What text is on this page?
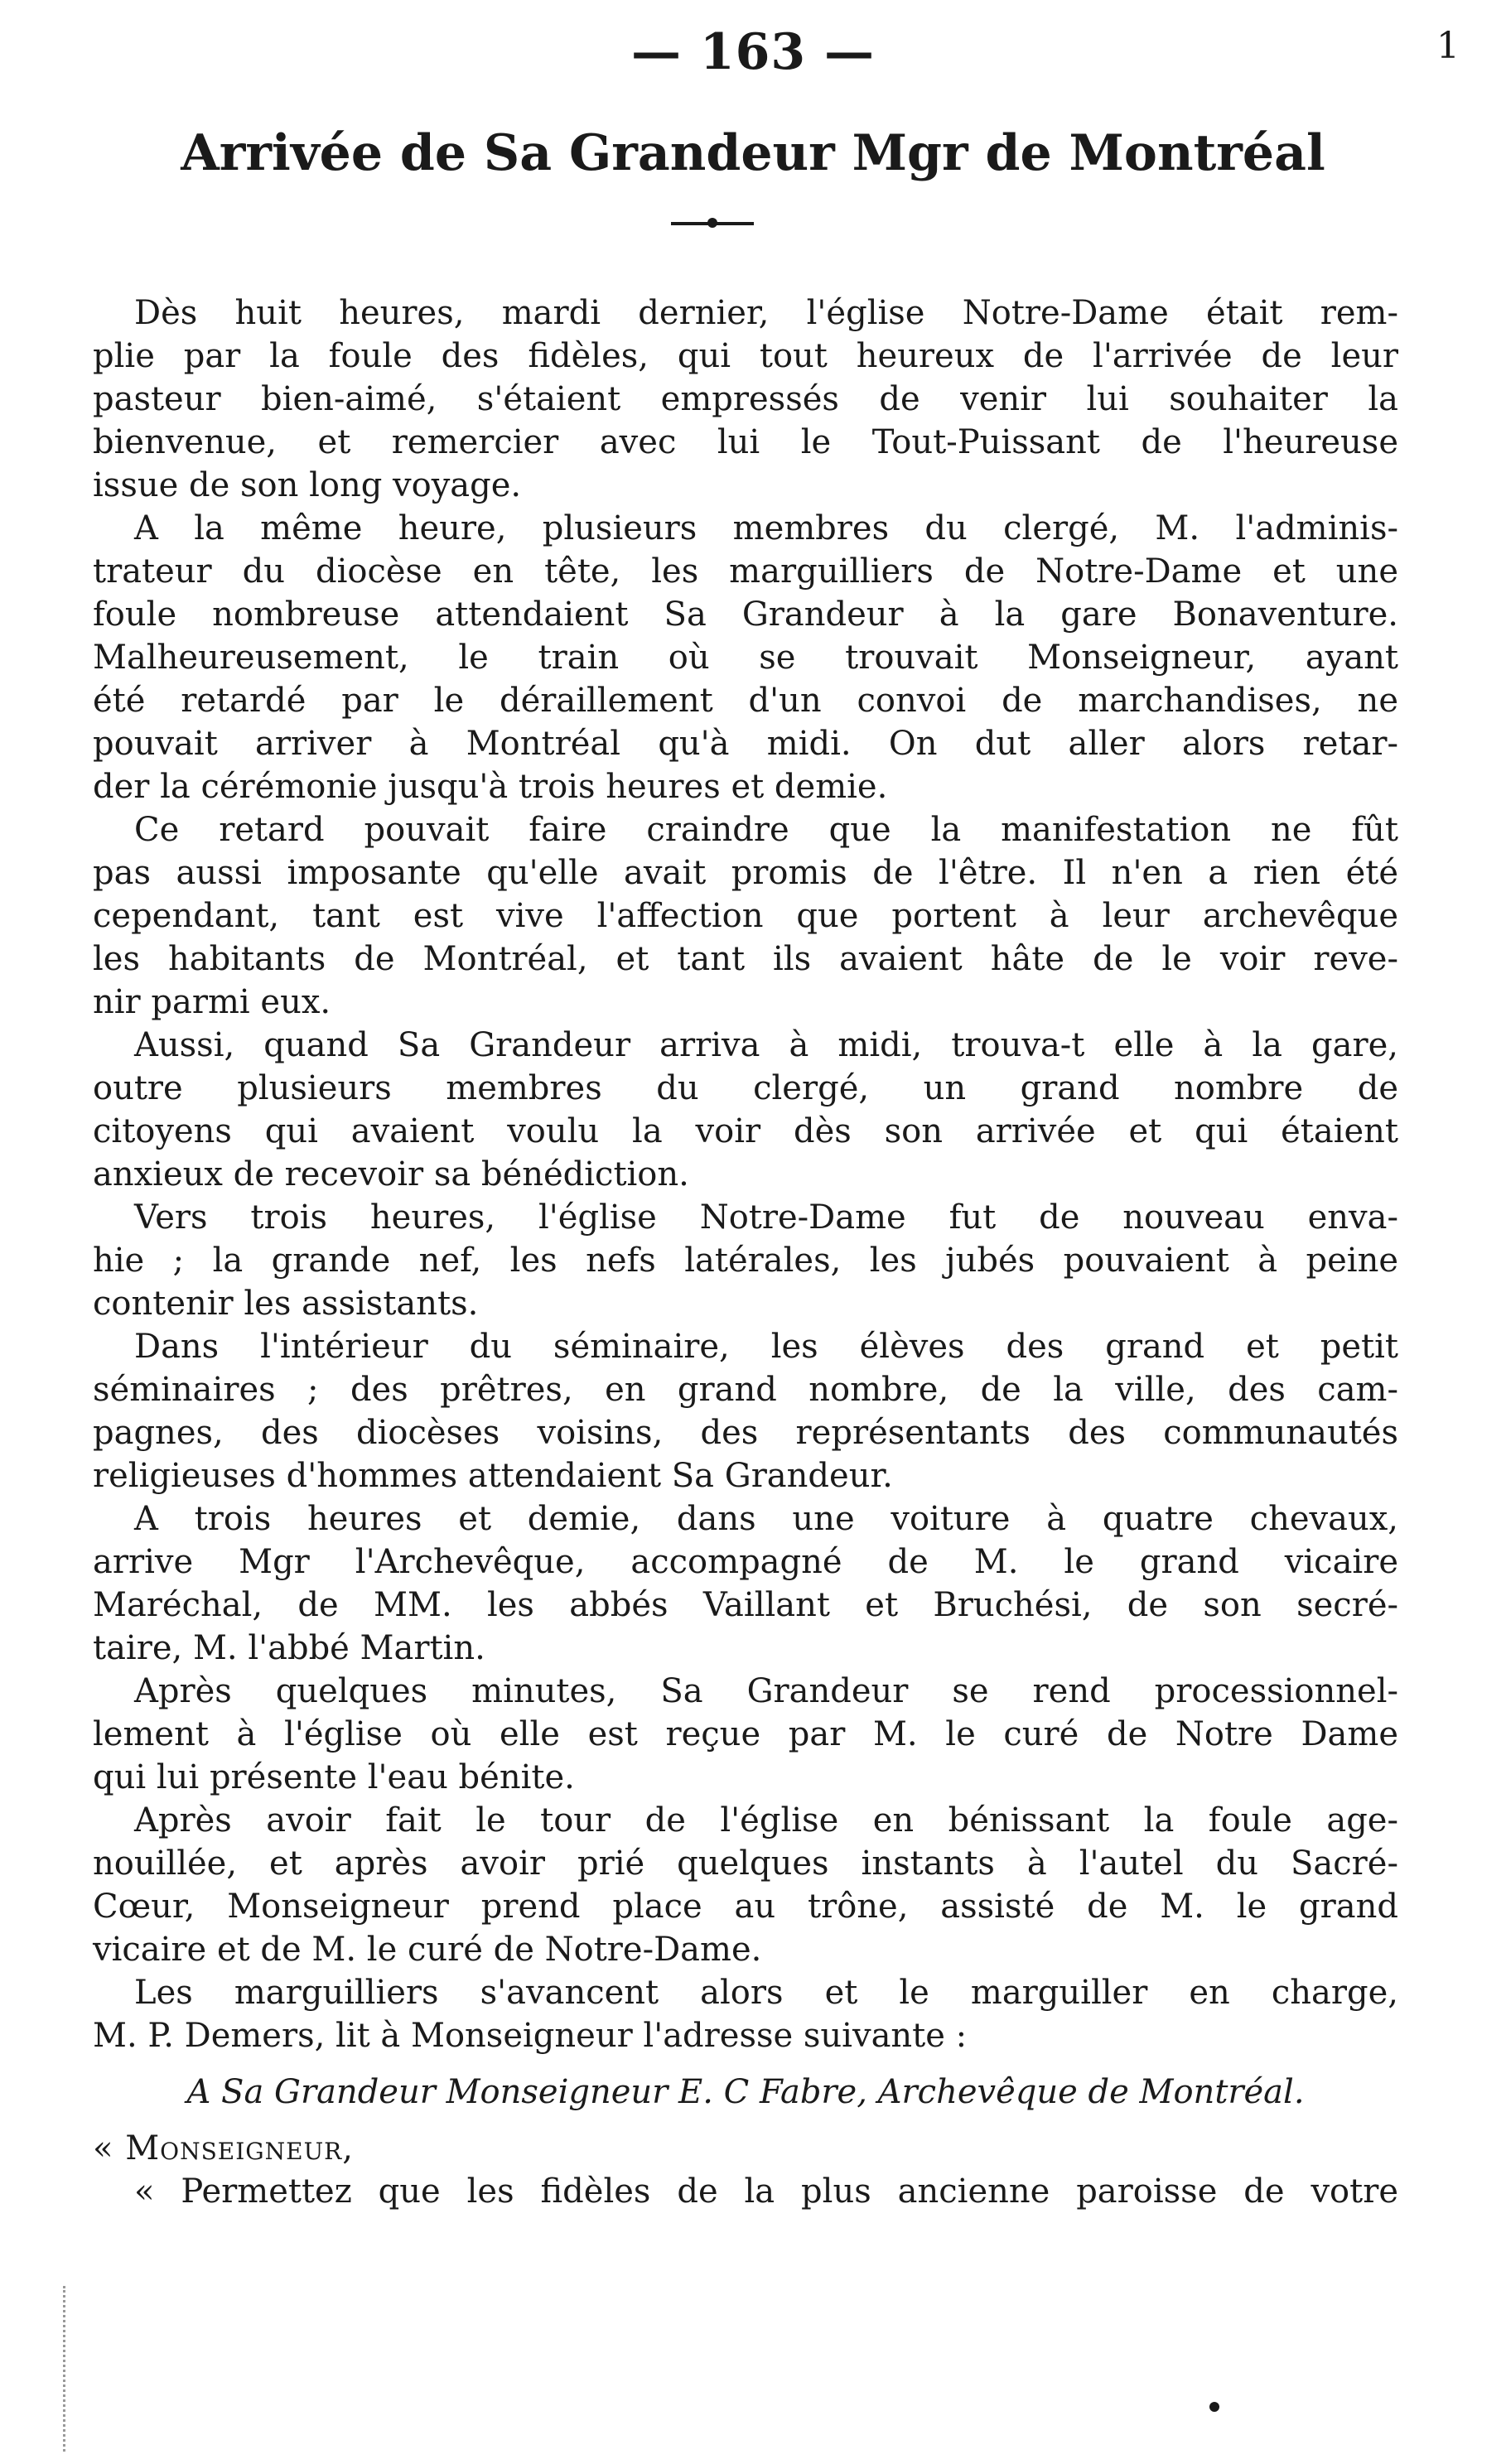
— 163 —	1
Arrivée de Sa Grandeur Mgr de Montréal
Dès huit heures, mardi dernier, l'église Notre-Dame était rem-
plie par la foule des fidèles, qui tout heureux de l'arrivée de leur
pasteur bien-aimé, s'étaient empressés de venir lui souhaiter la
bienvenue, et remercier avec lui le Tout-Puissant de l'heureuse
issue de son long voyage.
A la même heure, plusieurs membres du clergé, M. l'adminis-
trateur du diocèse en tête, les marguilliers de Notre-Dame et une
foule nombreuse attendaient Sa Grandeur à la gare Bonaventure.
Malheureusement, le train où se trouvait Monseigneur, ayant
été retardé par le déraillement d'un convoi de marchandises, ne
pouvait arriver à Montréal qu'à midi. On dut aller alors retar-
der la cérémonie jusqu'à trois heures et demie.
Ce retard pouvait faire craindre que la manifestation ne fût
pas aussi imposante qu'elle avait promis de l'être. Il n'en a rien été
cependant, tant est vive l'affection que portent à leur archevêque
les habitants de Montréal, et tant ils avaient hâte de le voir reve-
nir parmi eux.
Aussi, quand Sa Grandeur arriva à midi, trouva-t elle à la gare,
outre plusieurs membres du clergé, un grand nombre de
citoyens qui avaient voulu la voir dès son arrivée et qui étaient
anxieux de recevoir sa bénédiction.
Vers trois heures, l'église Notre-Dame fut de nouveau enva-
hie ; la grande nef, les nefs latérales, les jubés pouvaient à peine
contenir les assistants.
Dans l'intérieur du séminaire, les élèves des grand et petit
séminaires ; des prêtres, en grand nombre, de la ville, des cam-
pagnes, des diocèses voisins, des représentants des communautés
religieuses d'hommes attendaient Sa Grandeur.
A trois heures et demie, dans une voiture à quatre chevaux,
arrive Mgr l'Archevêque, accompagné de M. le grand vicaire
Maréchal, de MM. les abbés Vaillant et Bruchési, de son secré-
taire, M. l'abbé Martin.
Après quelques minutes, Sa Grandeur se rend processionnel-
lement à l'église où elle est reçue par M. le curé de Notre Dame
qui lui présente l'eau bénite.
Après avoir fait le tour de l'église en bénissant la foule age-
nouillée, et après avoir prié quelques instants à l'autel du Sacré-
Cœur, Monseigneur prend place au trône, assisté de M. le grand
vicaire et de M. le curé de Notre-Dame.
Les marguilliers s'avancent alors et le marguiller en charge,
M. P. Demers, lit à Monseigneur l'adresse suivante :
A Sa Grandeur Monseigneur E. C Fabre, Archevêque de Montréal.
« Monseigneur,
« Permettez que les fidèles de la plus ancienne paroisse de votre
